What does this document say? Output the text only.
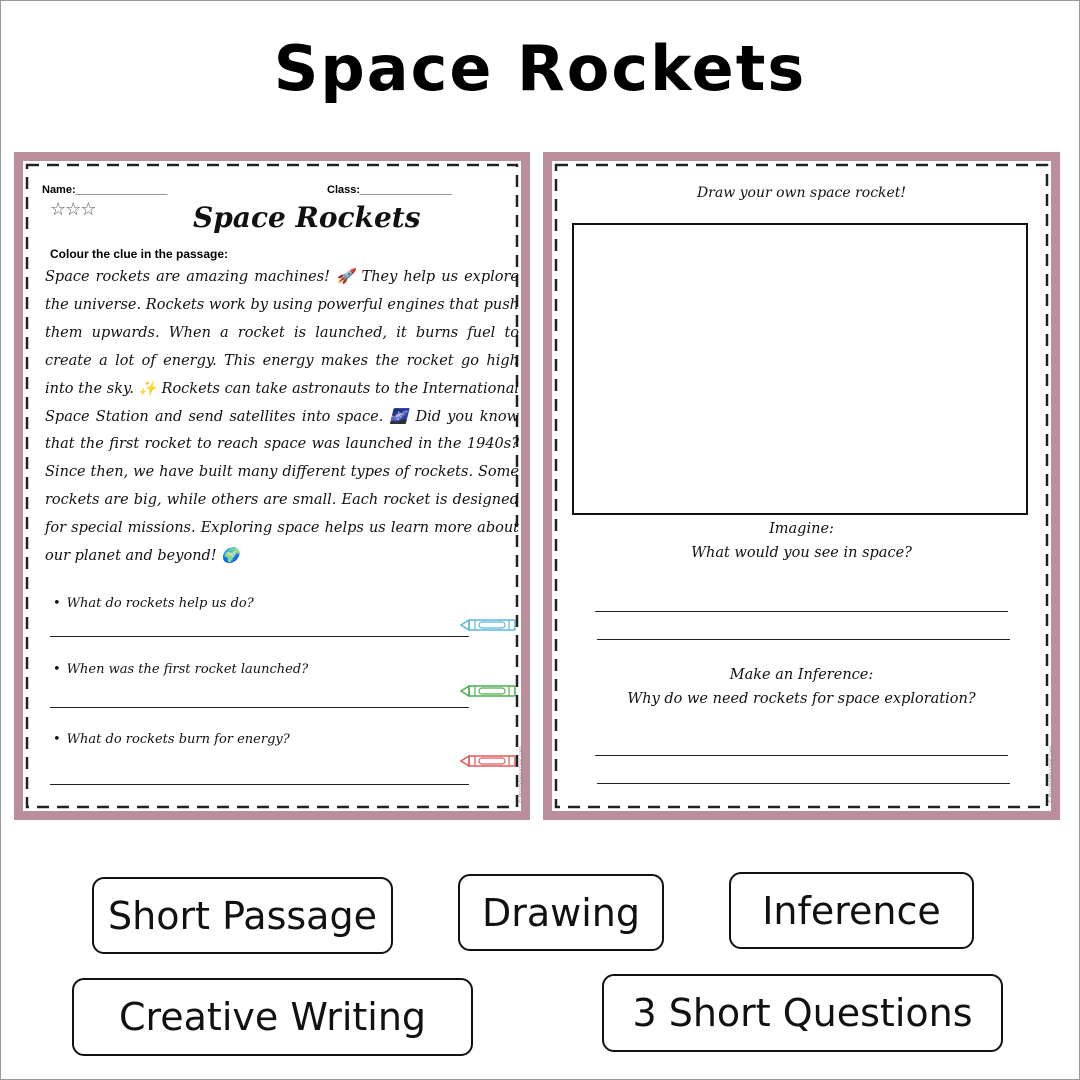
Space Rockets
Name:_______________	Class:_______________
☆☆☆	Space Rockets
Colour the clue in the passage:
Space rockets are amazing machines! 🚀 They help us explore the universe. Rockets work by using powerful engines that push them upwards. When a rocket is launched, it burns fuel to create a lot of energy. This energy makes the rocket go high into the sky. ✨ Rockets can take astronauts to the International Space Station and send satellites into space. 🌌 Did you know that the first rocket to reach space was launched in the 1940s? Since then, we have built many different types of rockets. Some rockets are big, while others are small. Each rocket is designed for special missions. Exploring space helps us learn more about our planet and beyond! 🌍
• What do rockets help us do?
• When was the first rocket launched?
• What do rockets burn for energy?
© Printablebazaar.com
Draw your own space rocket!
Imagine:
What would you see in space?
Make an Inference:
Why do we need rockets for space exploration?
© Printablebazaar.com
Short Passage	Drawing	Inference
Creative Writing	3 Short Questions
